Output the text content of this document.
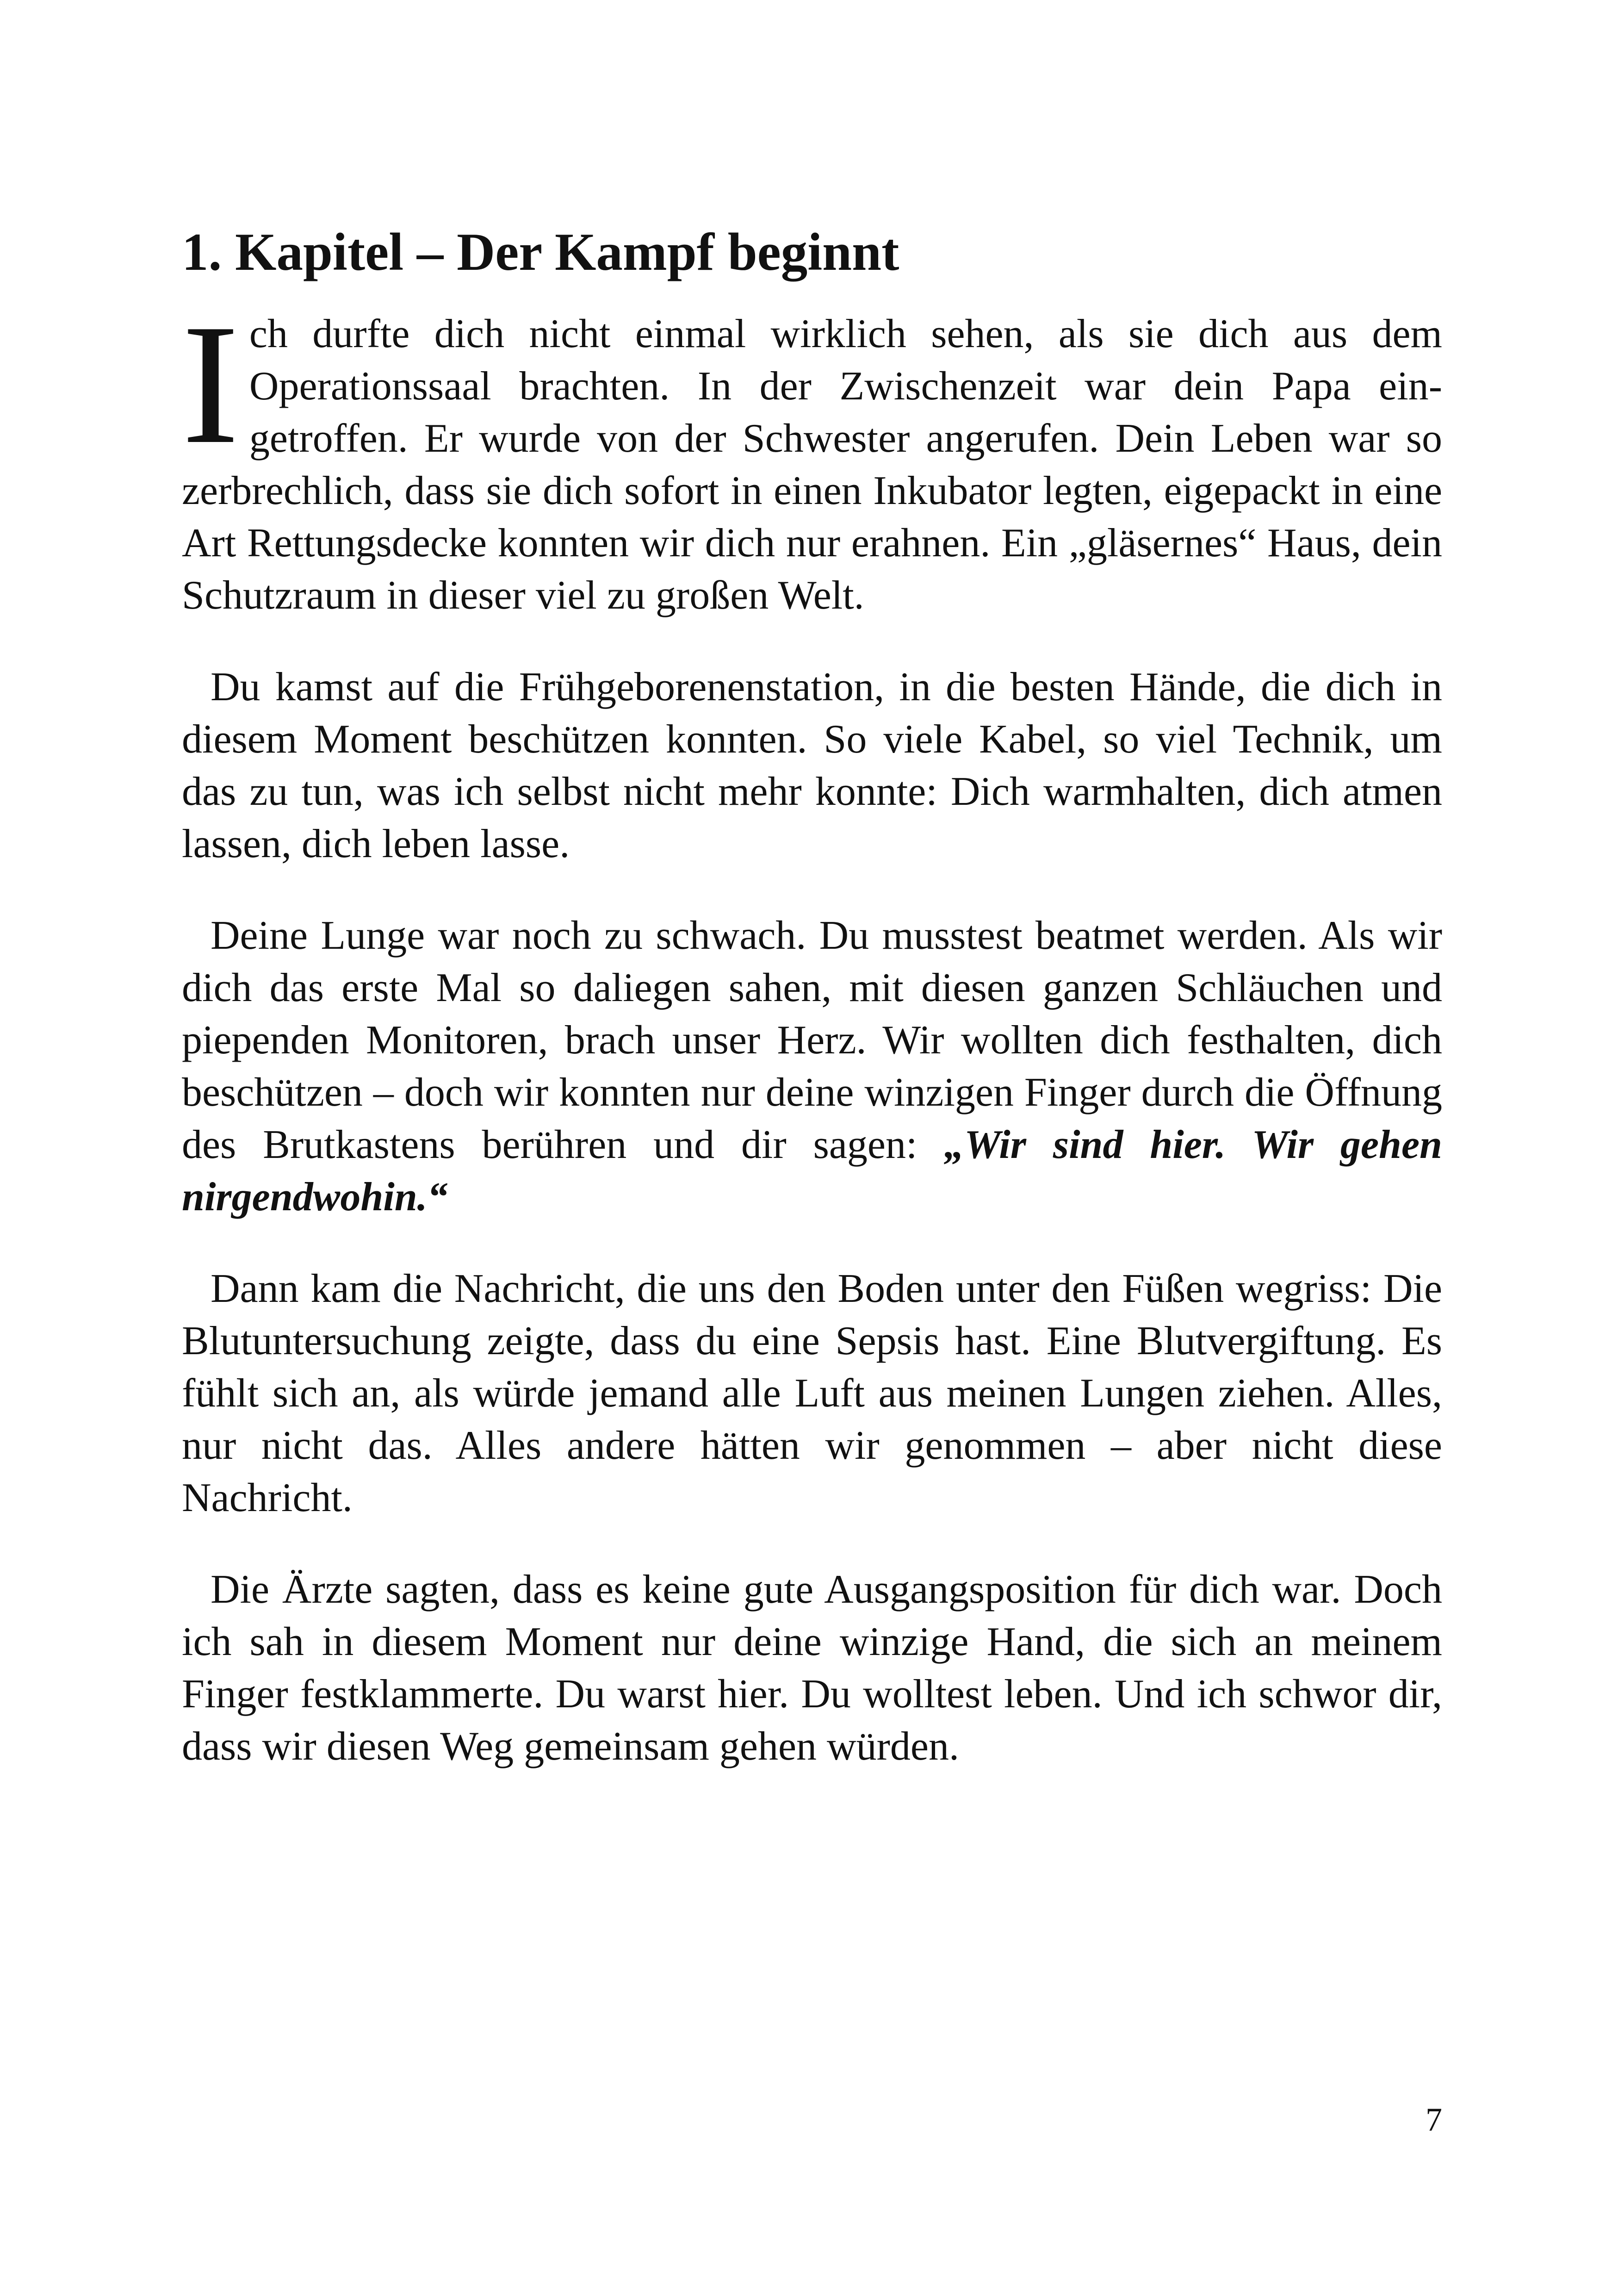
1. Kapitel – Der Kampf beginnt

Ich durfte dich nicht einmal wirklich sehen, als sie dich aus dem Operationssaal brachten. In der Zwischenzeit war dein Papa eingetroffen. Er wurde von der Schwester angerufen. Dein Leben war so zerbrechlich, dass sie dich sofort in einen Inkubator legten, eigepackt in eine Art Rettungsdecke konnten wir dich nur erahnen. Ein „gläsernes“ Haus, dein Schutzraum in dieser viel zu großen Welt.

Du kamst auf die Frühgeborenenstation, in die besten Hände, die dich in diesem Moment beschützen konnten. So viele Kabel, so viel Technik, um das zu tun, was ich selbst nicht mehr konnte: Dich warmhalten, dich atmen lassen, dich leben lasse.

Deine Lunge war noch zu schwach. Du musstest beatmet werden. Als wir dich das erste Mal so daliegen sahen, mit diesen ganzen Schläuchen und piependen Monitoren, brach unser Herz. Wir wollten dich festhalten, dich beschützen – doch wir konnten nur deine winzigen Finger durch die Öffnung des Brutkastens berühren und dir sagen: „Wir sind hier. Wir gehen nirgendwohin.“

Dann kam die Nachricht, die uns den Boden unter den Füßen wegriss: Die Blutuntersuchung zeigte, dass du eine Sepsis hast. Eine Blutvergiftung. Es fühlt sich an, als würde jemand alle Luft aus meinen Lungen ziehen. Alles, nur nicht das. Alles andere hätten wir genommen – aber nicht diese Nachricht.

Die Ärzte sagten, dass es keine gute Ausgangsposition für dich war. Doch ich sah in diesem Moment nur deine winzige Hand, die sich an meinem Finger festklammerte. Du warst hier. Du wolltest leben. Und ich schwor dir, dass wir diesen Weg gemeinsam gehen würden.

7
